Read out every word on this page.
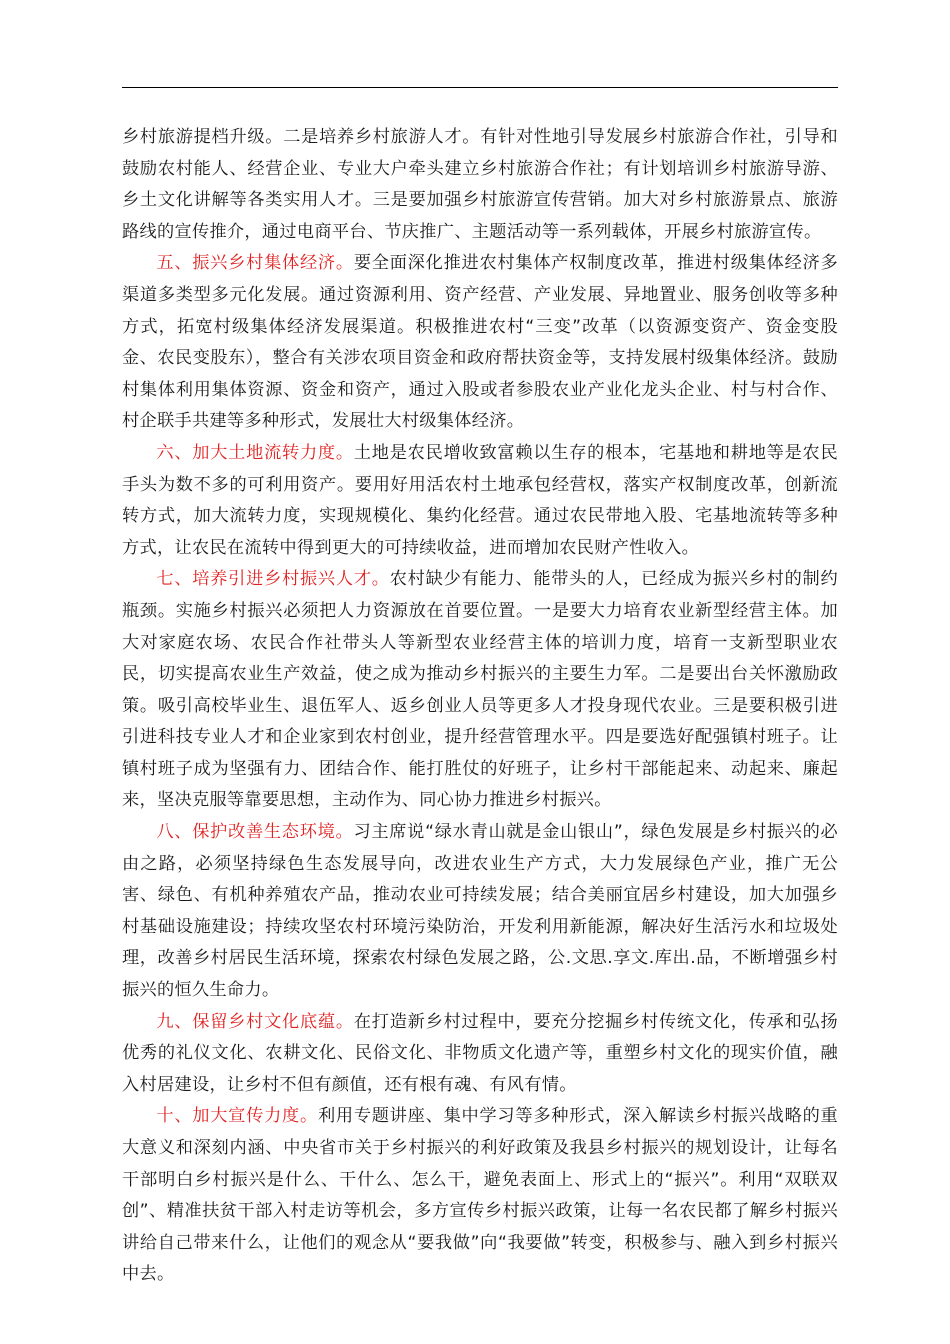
乡村旅游提档升级。二是培养乡村旅游人才。有针对性地引导发展乡村旅游合作社，引导和鼓励农村能人、经营企业、专业大户牵头建立乡村旅游合作社；有计划培训乡村旅游导游、乡土文化讲解等各类实用人才。三是要加强乡村旅游宣传营销。加大对乡村旅游景点、旅游路线的宣传推介，通过电商平台、节庆推广、主题活动等一系列载体，开展乡村旅游宣传。

五、振兴乡村集体经济。要全面深化推进农村集体产权制度改革，推进村级集体经济多渠道多类型多元化发展。通过资源利用、资产经营、产业发展、异地置业、服务创收等多种方式，拓宽村级集体经济发展渠道。积极推进农村“三变”改革（以资源变资产、资金变股金、农民变股东），整合有关涉农项目资金和政府帮扶资金等，支持发展村级集体经济。鼓励村集体利用集体资源、资金和资产，通过入股或者参股农业产业化龙头企业、村与村合作、村企联手共建等多种形式，发展壮大村级集体经济。

六、加大土地流转力度。土地是农民增收致富赖以生存的根本，宅基地和耕地等是农民手头为数不多的可利用资产。要用好用活农村土地承包经营权，落实产权制度改革，创新流转方式，加大流转力度，实现规模化、集约化经营。通过农民带地入股、宅基地流转等多种方式，让农民在流转中得到更大的可持续收益，进而增加农民财产性收入。

七、培养引进乡村振兴人才。农村缺少有能力、能带头的人，已经成为振兴乡村的制约瓶颈。实施乡村振兴必须把人力资源放在首要位置。一是要大力培育农业新型经营主体。加大对家庭农场、农民合作社带头人等新型农业经营主体的培训力度，培育一支新型职业农民，切实提高农业生产效益，使之成为推动乡村振兴的主要生力军。二是要出台关怀激励政策。吸引高校毕业生、退伍军人、返乡创业人员等更多人才投身现代农业。三是要积极引进引进科技专业人才和企业家到农村创业，提升经营管理水平。四是要选好配强镇村班子。让镇村班子成为坚强有力、团结合作、能打胜仗的好班子，让乡村干部能起来、动起来、廉起来，坚决克服等靠要思想，主动作为、同心协力推进乡村振兴。

八、保护改善生态环境。习主席说“绿水青山就是金山银山”，绿色发展是乡村振兴的必由之路，必须坚持绿色生态发展导向，改进农业生产方式，大力发展绿色产业，推广无公害、绿色、有机种养殖农产品，推动农业可持续发展；结合美丽宜居乡村建设，加大加强乡村基础设施建设；持续攻坚农村环境污染防治，开发利用新能源，解决好生活污水和垃圾处理，改善乡村居民生活环境，探索农村绿色发展之路，公.文思.享文.库出.品，不断增强乡村振兴的恒久生命力。

九、保留乡村文化底蕴。在打造新乡村过程中，要充分挖掘乡村传统文化，传承和弘扬优秀的礼仪文化、农耕文化、民俗文化、非物质文化遗产等，重塑乡村文化的现实价值，融入村居建设，让乡村不但有颜值，还有根有魂、有风有情。

十、加大宣传力度。利用专题讲座、集中学习等多种形式，深入解读乡村振兴战略的重大意义和深刻内涵、中央省市关于乡村振兴的利好政策及我县乡村振兴的规划设计，让每名干部明白乡村振兴是什么、干什么、怎么干，避免表面上、形式上的“振兴”。利用“双联双创”、精准扶贫干部入村走访等机会，多方宣传乡村振兴政策，让每一名农民都了解乡村振兴讲给自己带来什么，让他们的观念从“要我做”向“我要做”转变，积极参与、融入到乡村振兴中去。
